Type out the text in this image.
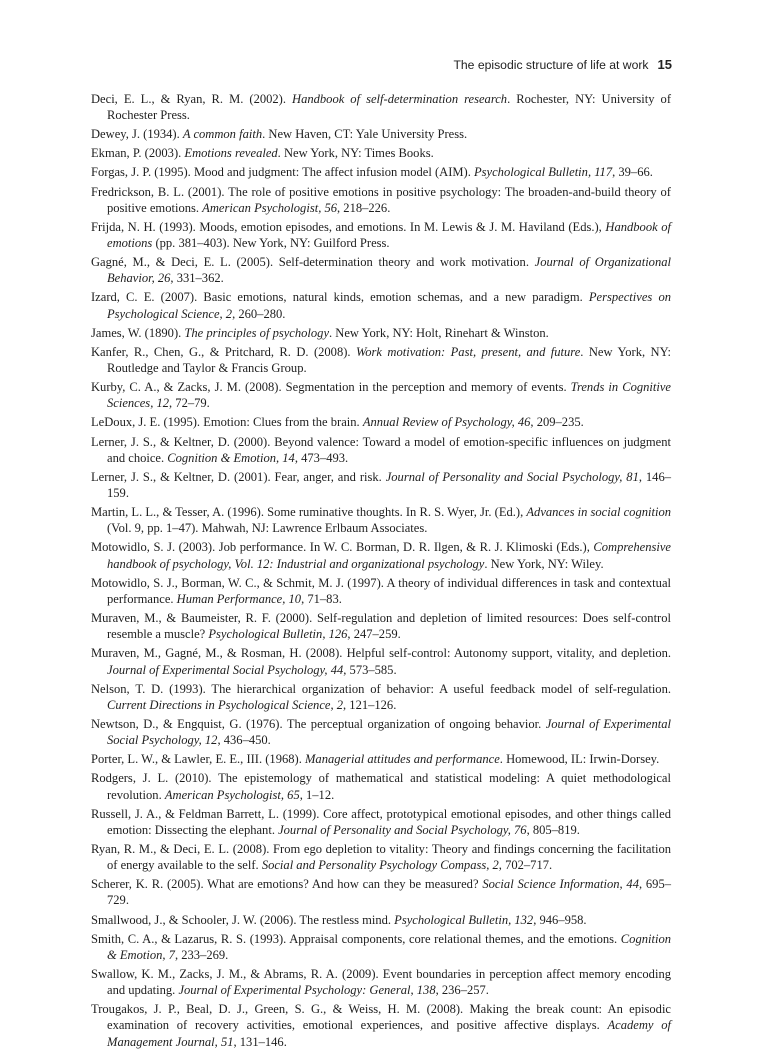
The episodic structure of life at work 15

Deci, E. L., & Ryan, R. M. (2002). Handbook of self-determination research. Rochester, NY: University of Rochester Press.

Dewey, J. (1934). A common faith. New Haven, CT: Yale University Press.

Ekman, P. (2003). Emotions revealed. New York, NY: Times Books.

Forgas, J. P. (1995). Mood and judgment: The affect infusion model (AIM). Psychological Bulletin, 117, 39–66.

Fredrickson, B. L. (2001). The role of positive emotions in positive psychology: The broaden-and-build theory of positive emotions. American Psychologist, 56, 218–226.

Frijda, N. H. (1993). Moods, emotion episodes, and emotions. In M. Lewis & J. M. Haviland (Eds.), Handbook of emotions (pp. 381–403). New York, NY: Guilford Press.

Gagné, M., & Deci, E. L. (2005). Self-determination theory and work motivation. Journal of Organizational Behavior, 26, 331–362.

Izard, C. E. (2007). Basic emotions, natural kinds, emotion schemas, and a new paradigm. Perspectives on Psychological Science, 2, 260–280.

James, W. (1890). The principles of psychology. New York, NY: Holt, Rinehart & Winston.

Kanfer, R., Chen, G., & Pritchard, R. D. (2008). Work motivation: Past, present, and future. New York, NY: Routledge and Taylor & Francis Group.

Kurby, C. A., & Zacks, J. M. (2008). Segmentation in the perception and memory of events. Trends in Cognitive Sciences, 12, 72–79.

LeDoux, J. E. (1995). Emotion: Clues from the brain. Annual Review of Psychology, 46, 209–235.

Lerner, J. S., & Keltner, D. (2000). Beyond valence: Toward a model of emotion-specific influences on judgment and choice. Cognition & Emotion, 14, 473–493.

Lerner, J. S., & Keltner, D. (2001). Fear, anger, and risk. Journal of Personality and Social Psychology, 81, 146–159.

Martin, L. L., & Tesser, A. (1996). Some ruminative thoughts. In R. S. Wyer, Jr. (Ed.), Advances in social cognition (Vol. 9, pp. 1–47). Mahwah, NJ: Lawrence Erlbaum Associates.

Motowidlo, S. J. (2003). Job performance. In W. C. Borman, D. R. Ilgen, & R. J. Klimoski (Eds.), Comprehensive handbook of psychology, Vol. 12: Industrial and organizational psychology. New York, NY: Wiley.

Motowidlo, S. J., Borman, W. C., & Schmit, M. J. (1997). A theory of individual differences in task and contextual performance. Human Performance, 10, 71–83.

Muraven, M., & Baumeister, R. F. (2000). Self-regulation and depletion of limited resources: Does self-control resemble a muscle? Psychological Bulletin, 126, 247–259.

Muraven, M., Gagné, M., & Rosman, H. (2008). Helpful self-control: Autonomy support, vitality, and depletion. Journal of Experimental Social Psychology, 44, 573–585.

Nelson, T. D. (1993). The hierarchical organization of behavior: A useful feedback model of self-regulation. Current Directions in Psychological Science, 2, 121–126.

Newtson, D., & Engquist, G. (1976). The perceptual organization of ongoing behavior. Journal of Experimental Social Psychology, 12, 436–450.

Porter, L. W., & Lawler, E. E., III. (1968). Managerial attitudes and performance. Homewood, IL: Irwin-Dorsey.

Rodgers, J. L. (2010). The epistemology of mathematical and statistical modeling: A quiet methodological revolution. American Psychologist, 65, 1–12.

Russell, J. A., & Feldman Barrett, L. (1999). Core affect, prototypical emotional episodes, and other things called emotion: Dissecting the elephant. Journal of Personality and Social Psychology, 76, 805–819.

Ryan, R. M., & Deci, E. L. (2008). From ego depletion to vitality: Theory and findings concerning the facilitation of energy available to the self. Social and Personality Psychology Compass, 2, 702–717.

Scherer, K. R. (2005). What are emotions? And how can they be measured? Social Science Information, 44, 695–729.

Smallwood, J., & Schooler, J. W. (2006). The restless mind. Psychological Bulletin, 132, 946–958.

Smith, C. A., & Lazarus, R. S. (1993). Appraisal components, core relational themes, and the emotions. Cognition & Emotion, 7, 233–269.

Swallow, K. M., Zacks, J. M., & Abrams, R. A. (2009). Event boundaries in perception affect memory encoding and updating. Journal of Experimental Psychology: General, 138, 236–257.

Trougakos, J. P., Beal, D. J., Green, S. G., & Weiss, H. M. (2008). Making the break count: An episodic examination of recovery activities, emotional experiences, and positive affective displays. Academy of Management Journal, 51, 131–146.
